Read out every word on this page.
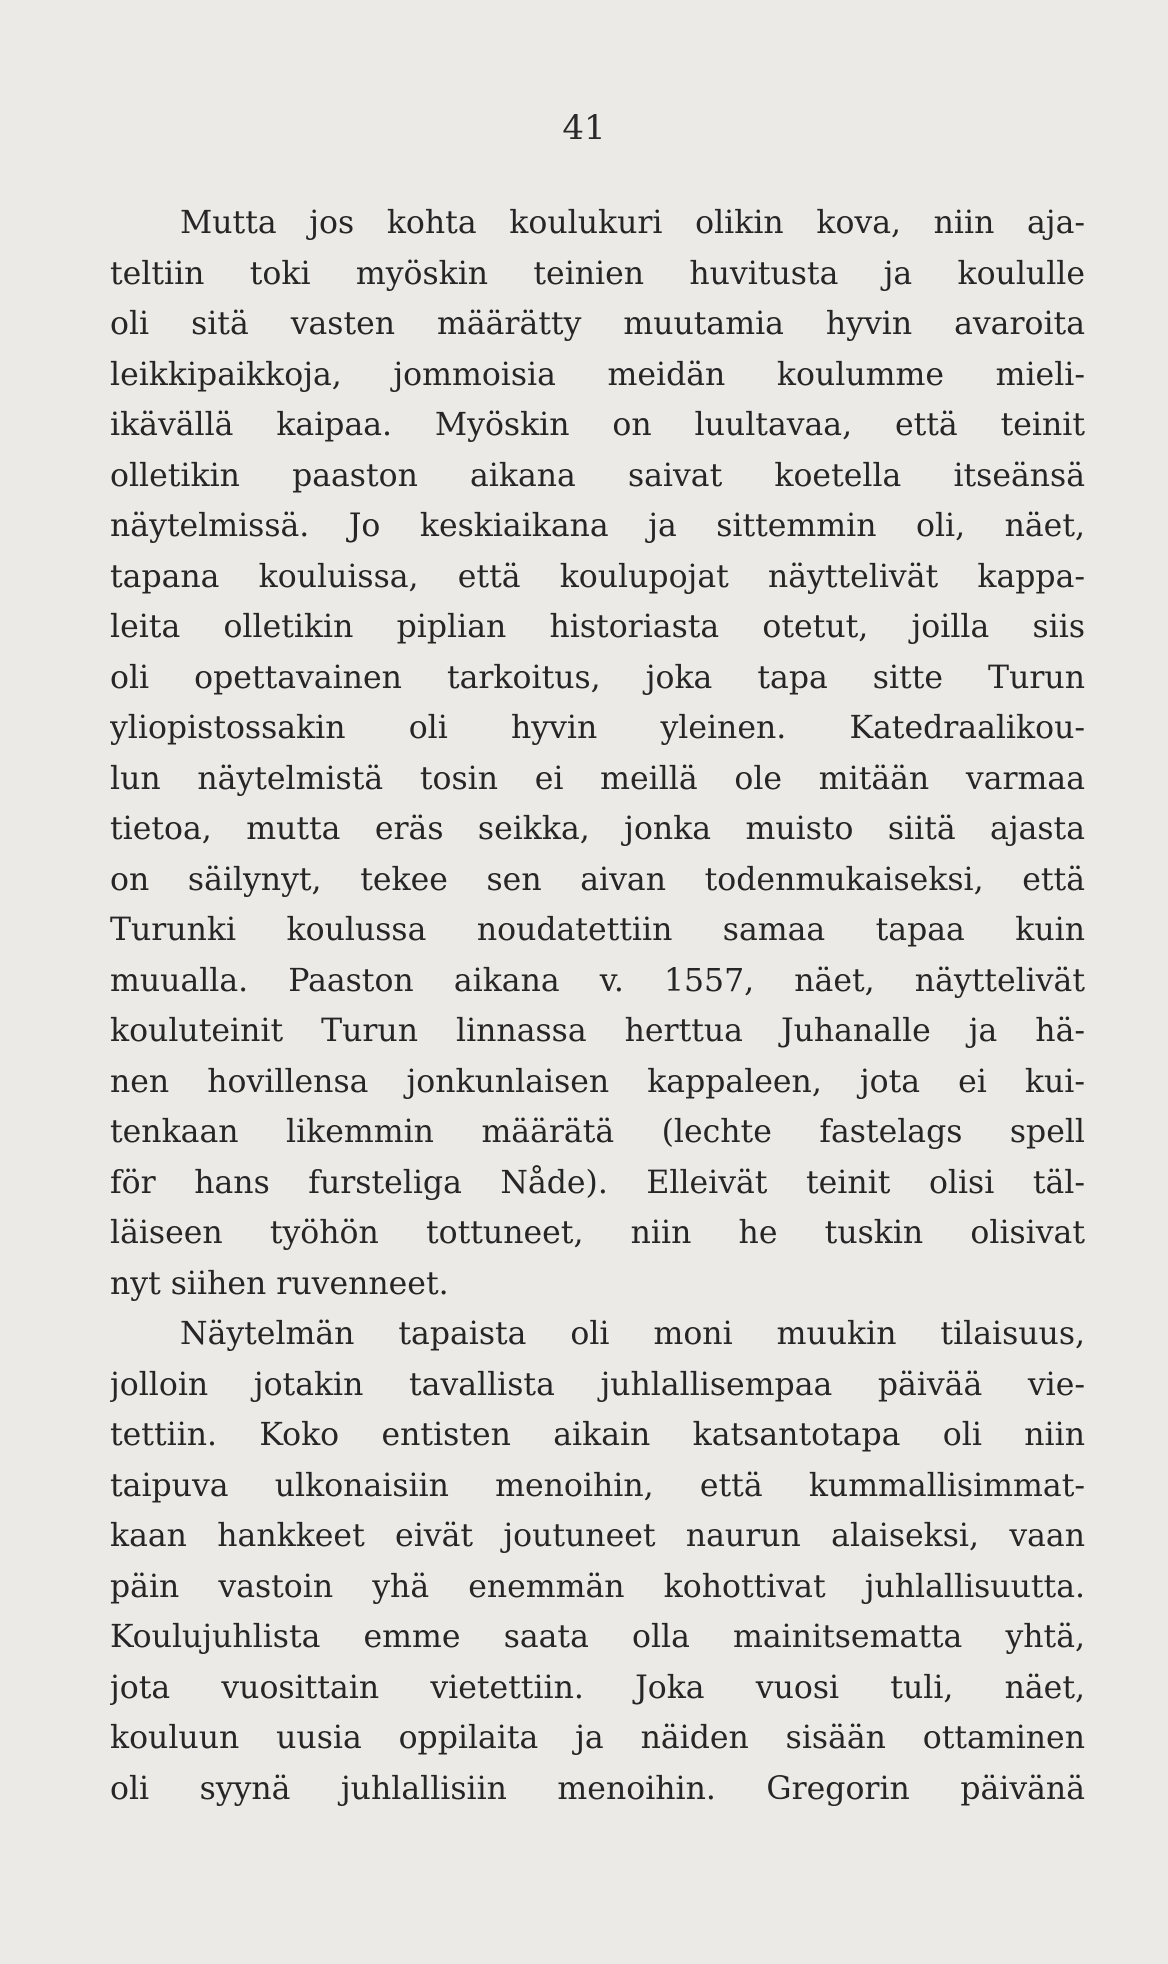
41
Mutta jos kohta koulukuri olikin kova, niin aja-
teltiin toki myöskin teinien huvitusta ja koululle
oli sitä vasten määrätty muutamia hyvin avaroita
leikkipaikkoja, jommoisia meidän koulumme mieli-
ikävällä kaipaa. Myöskin on luultavaa, että teinit
olletikin paaston aikana saivat koetella itseänsä
näytelmissä. Jo keskiaikana ja sittemmin oli, näet,
tapana kouluissa, että koulupojat näyttelivät kappa-
leita olletikin piplian historiasta otetut, joilla siis
oli opettavainen tarkoitus, joka tapa sitte Turun
yliopistossakin oli hyvin yleinen. Katedraalikou-
lun näytelmistä tosin ei meillä ole mitään varmaa
tietoa, mutta eräs seikka, jonka muisto siitä ajasta
on säilynyt, tekee sen aivan todenmukaiseksi, että
Turunki koulussa noudatettiin samaa tapaa kuin
muualla. Paaston aikana v. 1557, näet, näyttelivät
kouluteinit Turun linnassa herttua Juhanalle ja hä-
nen hovillensa jonkunlaisen kappaleen, jota ei kui-
tenkaan likemmin määrätä (lechte fastelags spell
för hans fursteliga Nåde). Elleivät teinit olisi täl-
läiseen työhön tottuneet, niin he tuskin olisivat
nyt siihen ruvenneet.
Näytelmän tapaista oli moni muukin tilaisuus,
jolloin jotakin tavallista juhlallisempaa päivää vie-
tettiin. Koko entisten aikain katsantotapa oli niin
taipuva ulkonaisiin menoihin, että kummallisimmat-
kaan hankkeet eivät joutuneet naurun alaiseksi, vaan
päin vastoin yhä enemmän kohottivat juhlallisuutta.
Koulujuhlista emme saata olla mainitsematta yhtä,
jota vuosittain vietettiin. Joka vuosi tuli, näet,
kouluun uusia oppilaita ja näiden sisään ottaminen
oli syynä juhlallisiin menoihin. Gregorin päivänä
